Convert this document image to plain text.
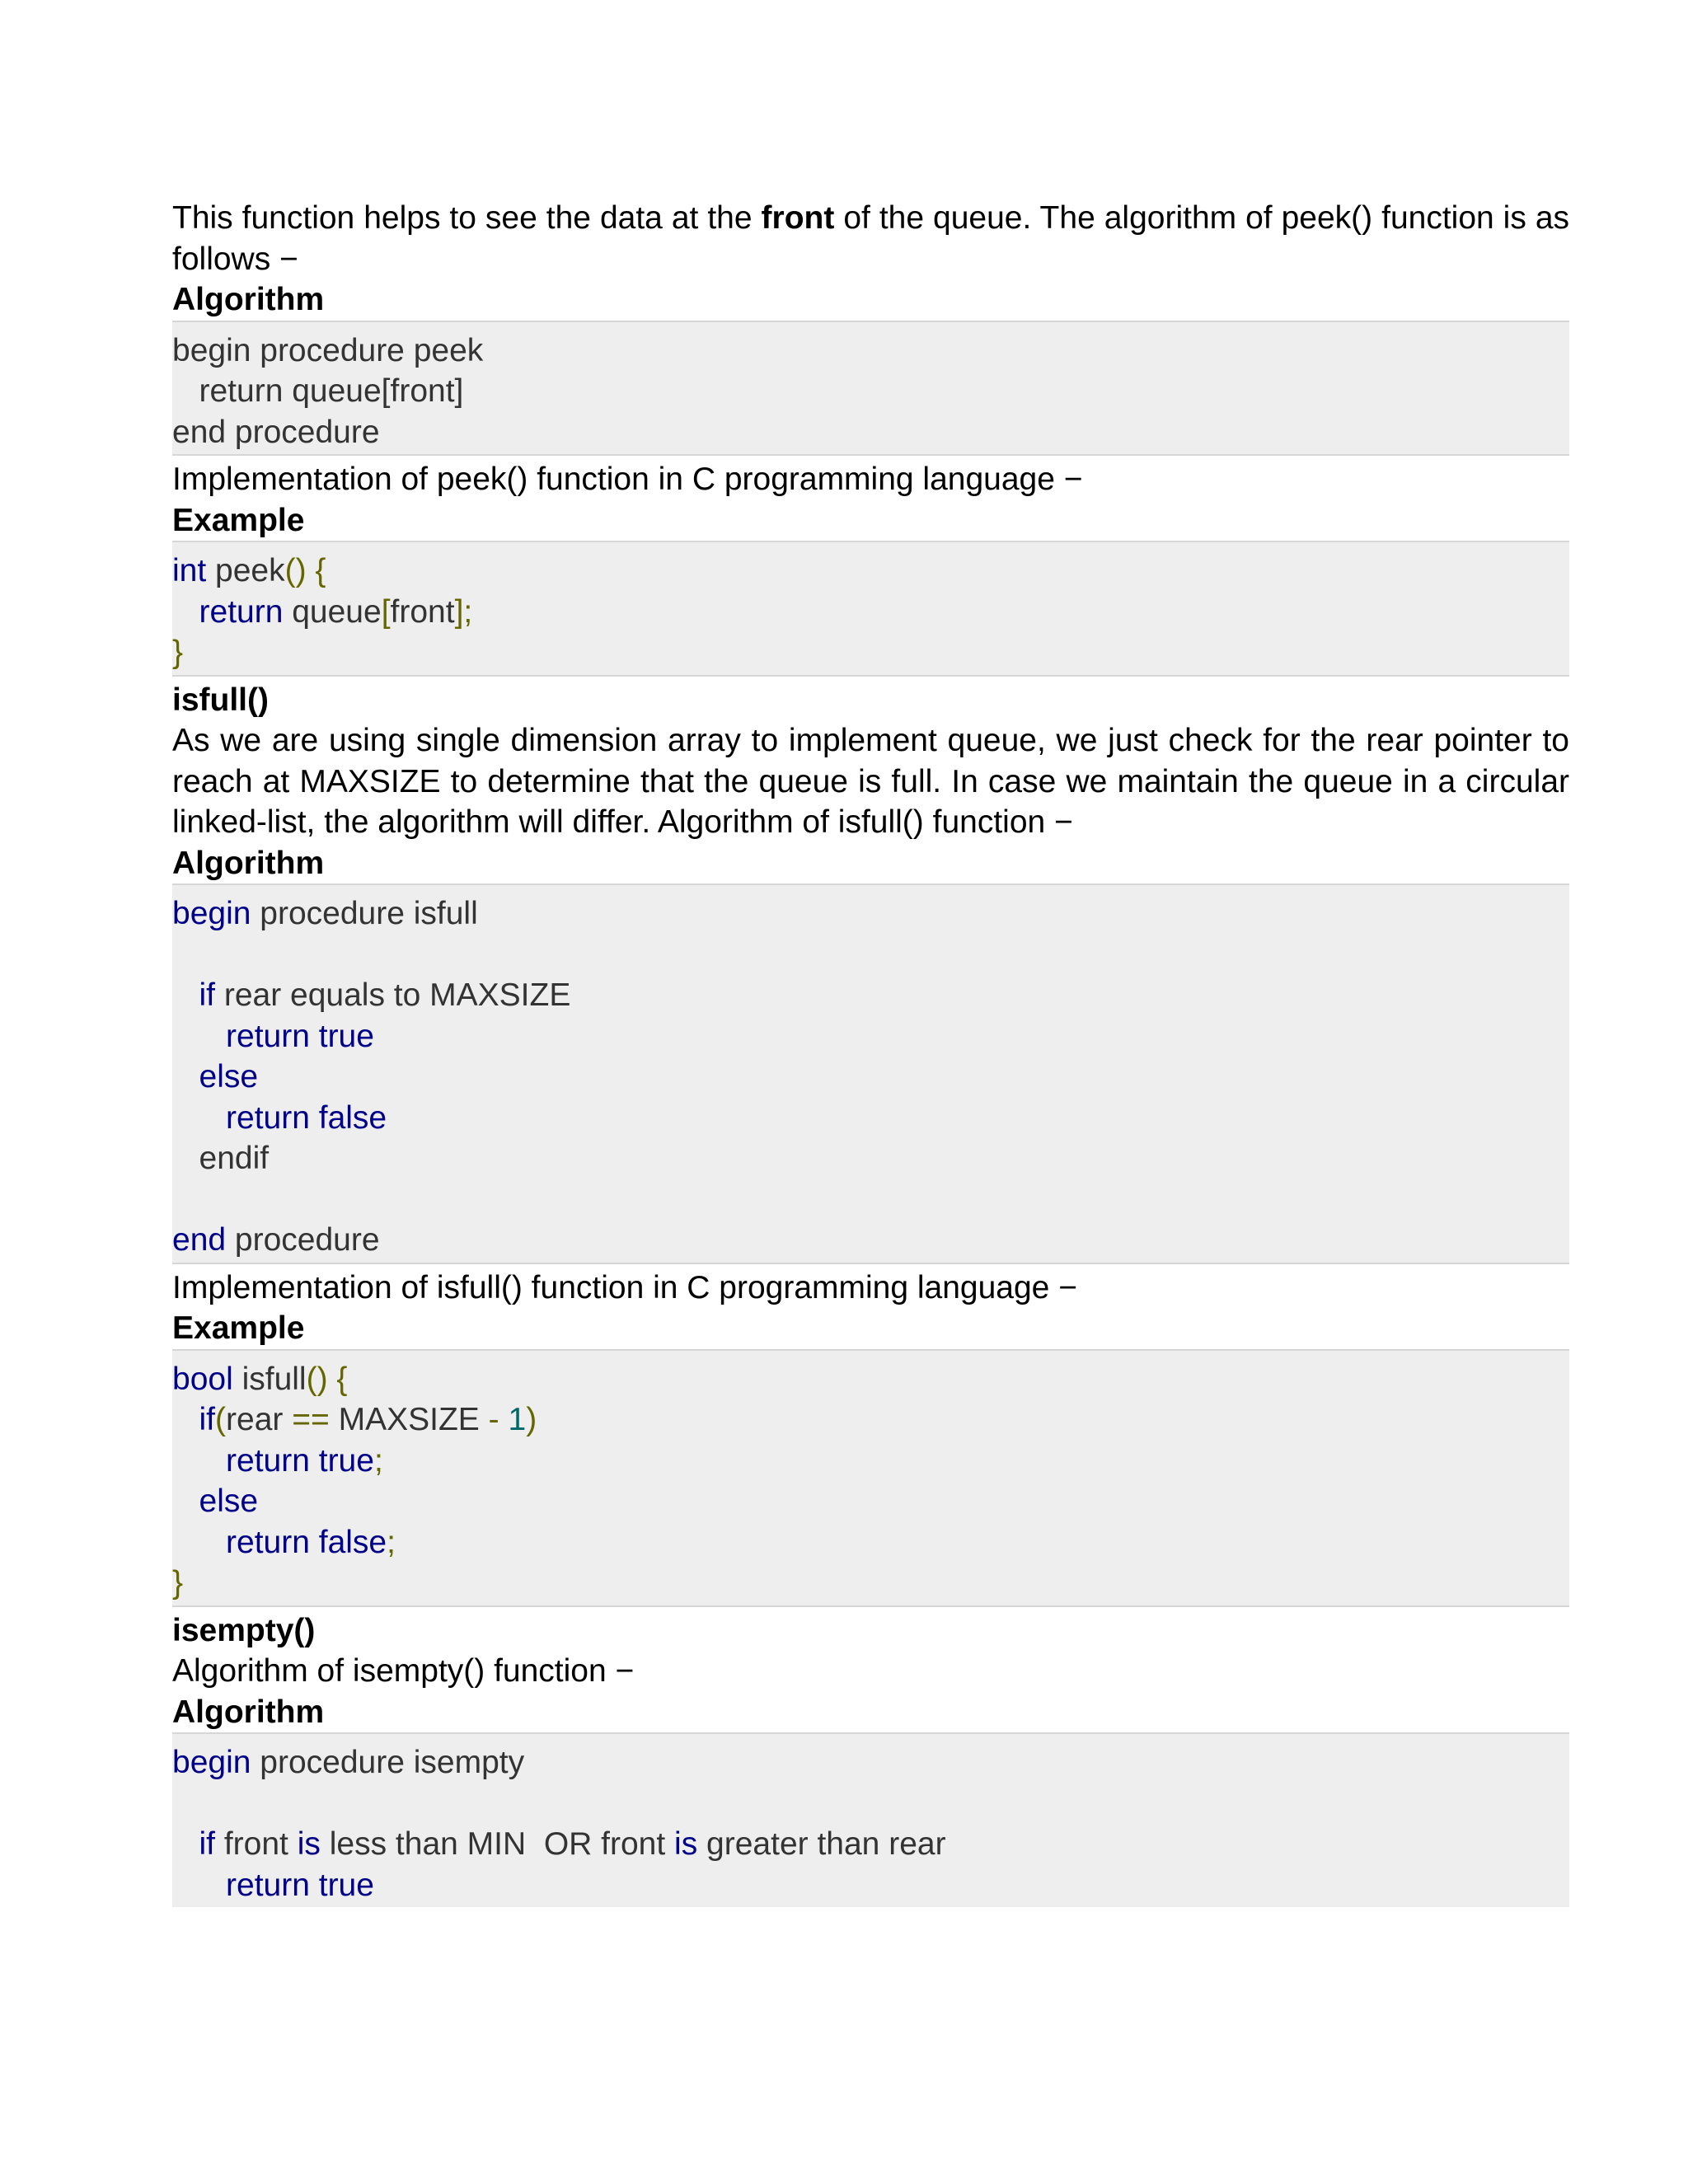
This function helps to see the data at the front of the queue. The algorithm of peek() function is as follows −
Algorithm
begin procedure peek
return queue[front]
end procedure
Implementation of peek() function in C programming language −
Example
int peek() {
return queue[front];
}
isfull()
As we are using single dimension array to implement queue, we just check for the rear pointer to reach at MAXSIZE to determine that the queue is full. In case we maintain the queue in a circular linked-list, the algorithm will differ. Algorithm of isfull() function −
Algorithm
begin procedure isfull
if rear equals to MAXSIZE
return true
else
return false
endif
end procedure
Implementation of isfull() function in C programming language −
Example
bool isfull() {
if(rear == MAXSIZE - 1)
return true;
else
return false;
}
isempty()
Algorithm of isempty() function −
Algorithm
begin procedure isempty
if front is less than MIN  OR front is greater than rear
return true
